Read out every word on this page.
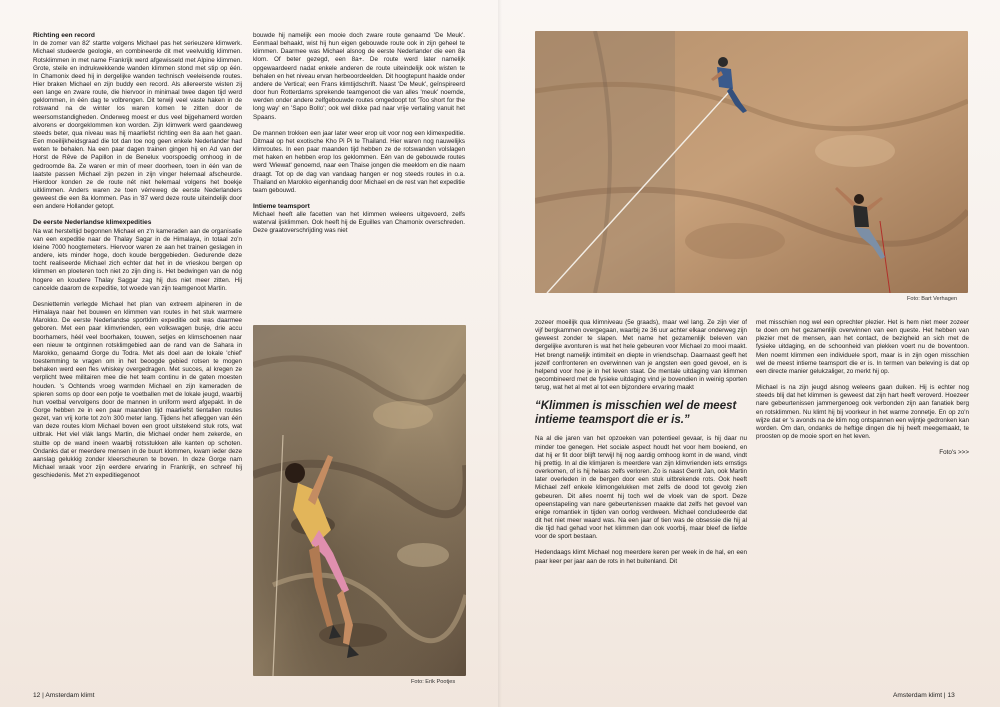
Richting een record

In de zomer van 82' startte volgens Michael pas het serieuzere klimwerk. Michael studeerde geologie, en combineerde dit met veelvuldig klimmen. Rotsklimmen in met name Frankrijk werd afgewisseld met Alpine klimmen. Grote, steile en indrukwekkende wanden klimmen stond met stip op één. In Chamonix deed hij in dergelijke wanden technisch veeleisende routes. Hier braken Michael en zijn buddy een record. Als allereerste wisten zij een lange en zware route, die hiervoor in minimaal twee dagen tijd werd geklommen, in één dag te volbrengen. Dit terwijl veel vaste haken in de rotswand na de winter los waren komen te zitten door de weersomstandigheden. Onderweg moest er dus veel bijgehamerd worden alvorens er doorgeklommen kon worden. Zijn klimwerk werd gaandeweg steeds beter, qua niveau was hij maarliefst richting een 8a aan het gaan. Een moeilijkheidsgraad die tot dan toe nog geen enkele Nederlander had weten te behalen. Na een paar dagen trainen gingen hij en Ad van der Horst de Rêve de Papillon in de Benelux voorspoedig omhoog in de gedroomde 8a. Ze waren er min of meer doorheen, toen in één van de laatste passen Michael zijn pezen in zijn vinger helemaal afscheurde. Hierdoor konden ze de route nét niet helemaal volgens het boekje uitklimmen. Anders waren ze toen vérreweg de eerste Nederlanders geweest die een 8a klommen. Pas in '87 werd deze route uiteindelijk door een andere Hollander getopt.

De eerste Nederlandse klimexpedities

Na wat hersteltijd begonnen Michael en z'n kameraden aan de organisatie van een expeditie naar de Thalay Sagar in de Himalaya, in totaal zo'n kleine 7000 hoogtemeters. Hiervoor waren ze aan het trainen geslagen in andere, iets minder hoge, doch koude berggebieden. Gedurende deze tocht realiseerde Michael zich echter dat het in de vrieskou bergen op klimmen en ploeteren toch niet zo zijn ding is. Het bedwingen van de nóg hogere en koudere Thalay Saggar zag hij dus niet meer zitten. Hij cancelde daarom de expeditie, tot woede van zijn teamgenoot Martin.

Desniettemin verlegde Michael het plan van extreem alpineren in de Himalaya naar het bouwen en klimmen van routes in het stuk warmere Marokko. De eerste Nederlandse sportklim expeditie ooit was daarmee geboren. Met een paar klimvrienden, een volkswagen busje, drie accu boorhamers, héél veel boorhaken, touwen, setjes en klimschoenen naar een nieuw te ontginnen rotsklimgebied aan de rand van de Sahara in Marokko, genaamd Gorge du Todra. Met als doel aan de lokale 'chief' toestemming te vragen om in het beoogde gebied rotsen te mogen behaken werd een fles whiskey overgedragen. Met succes, al kregen ze verplicht twee militairen mee die het team continu in de gaten moesten houden. 's Ochtends vroeg warmden Michael en zijn kameraden de spieren soms op door een potje te voetballen met de lokale jeugd, waarbij hun voetbal vervolgens door de mannen in uniform werd afgepakt. In de Gorge hebben ze in een paar maanden tijd maarliefst tientallen routes gezet, van vrij korte tot zo'n 300 meter lang. Tijdens het afleggen van één van deze routes klom Michael boven een groot uitstekend stuk rots, wat uitbrak. Het viel vlák langs Martin, die Michael onder hem zekerde, en stuitte op de wand ineen waarbij rotsstukken alle kanten op schoten. Ondanks dat er meerdere mensen in de buurt klommen, kwam ieder deze aanslag gelukkig zonder kleerscheuren te boven. In deze Gorge nam Michael wraak voor zijn eerdere ervaring in Frankrijk, en schreef hij geschiedenis. Met z'n expeditiegenoot

bouwde hij namelijk een mooie doch zware route genaamd 'De Meuk'. Eenmaal behaakt, wist hij hun eigen gebouwde route ook in zijn geheel te klimmen. Daarmee was Michael alsnog de eerste Nederlander die een 8a klom. Of beter gezegd, een 8a+. De route werd later namelijk opgewaardeerd nadat enkele anderen de route uiteindelijk ook wisten te behalen en het niveau ervan herbeoordeelden. Dit hoogtepunt haalde onder andere de Vertical; een Frans klimtijdschrift. Naast 'De Meuk', geïnspireerd door hun Rotterdams sprekende teamgenoot die van alles 'meuk' noemde, werden onder andere zelfgebouwde routes omgedoopt tot 'Too short for the long way' en 'Sapo Bollo'; ook wel dikke pad naar vrije vertaling vanuit het Spaans.

De mannen trokken een jaar later weer erop uit voor nog een klimexpeditie. Ditmaal op het exotische Kho Pi Pi te Thailand. Hier waren nog nauwelijks klimroutes. In een paar maanden tijd hebben ze de rotswanden volslagen met haken en hebben erop los geklommen. Eén van de gebouwde routes werd 'Wiewat' genoemd, naar een Thaise jongen die meeklom en die naam draagt. Tot op de dag van vandaag hangen er nog steeds routes in o.a. Thailand en Marokko eigenhandig door Michael en de rest van het expeditie team gebouwd.

Intieme teamsport

Michael heeft alle facetten van het klimmen weleens uitgevoerd, zelfs waterval ijsklimmen. Ook heeft hij de Eguilles van Chamonix overschreden. Deze graatoverschrijding was niet

Foto: Erik Pootjes
12 | Amsterdam klimt
Foto: Bart Verhagen

zozeer moeilijk qua klimniveau (5e graads), maar wel lang. Ze zijn vier of vijf bergkammen overgegaan, waarbij ze 36 uur achter elkaar onderweg zijn geweest zonder te slapen. Met name het gezamenlijk beleven van dergelijke avonturen is wat het hele gebeuren voor Michael zo mooi maakt. Het brengt namelijk intimiteit en diepte in vriendschap. Daarnaast geeft het jezelf confronteren en overwinnen van je angsten een goed gevoel, en is helpend voor hoe je in het leven staat. De mentale uitdaging van klimmen gecombineerd met de fysieke uitdaging vind je bovendien in weinig sporten terug, wat het al met al tot een bijzondere ervaring maakt

“Klimmen is misschien wel de meest intieme teamsport die er is.”

Na al die jaren van het opzoeken van potentieel gevaar, is hij daar nu minder toe genegen. Het sociale aspect houdt het voor hem boeiend, en dat hij er fit door blijft terwijl hij nog aardig omhoog komt in de wand, vindt hij prettig. In al die klimjaren is meerdere van zijn klimvrienden iets ernstigs overkomen, of is hij helaas zelfs verloren. Zo is naast Gerrit Jan, ook Martin later overleden in de bergen door een stuk uitbrekende rots. Ook heeft Michael zelf enkele klimongelukken met zelfs de dood tot gevolg zien gebeuren. Dit alles noemt hij toch wel de vloek van de sport. Deze opeenstapeling van nare gebeurtenissen maakte dat zelfs het gevoel van enige romantiek in tijden van oorlog verdween. Michael concludeerde dat dit het niet meer waard was. Na een jaar of tien was de obsessie die hij al die tijd had gehad voor het klimmen dan ook voorbij, maar bleef de liefde voor de sport bestaan.

Hedendaags klimt Michael nog meerdere keren per week in de hal, en een paar keer per jaar aan de rots in het buitenland. Dit

met misschien nog wel een oprechter plezier. Het is hem niet meer zozeer te doen om het gezamenlijk overwinnen van een queste. Het hebben van plezier met de mensen, aan het contact, de bezigheid an sich met de fysieke uitdaging, en de schoonheid van plekken voert nu de boventoon. Men noemt klimmen een individuele sport, maar is in zijn ogen misschien wel de meest intieme teamsport die er is. In termen van beleving is dat op een directe manier gelukzaliger, zo merkt hij op.

Michael is na zijn jeugd alsnog weleens gaan duiken. Hij is echter nog steeds blij dat het klimmen is geweest dat zijn hart heeft veroverd. Hoezeer nare gebeurtenissen jammergenoeg ook verbonden zijn aan fanatiek berg en rotsklimmen. Nu klimt hij bij voorkeur in het warme zonnetje. En op zo'n wijze dat er 's avonds na de klim nog ontspannen een wijntje gedronken kan worden. Om dan, ondanks de heftige dingen die hij heeft meegemaakt, te proosten op de mooie sport en het leven.

Foto's >>>

Amsterdam klimt | 13
